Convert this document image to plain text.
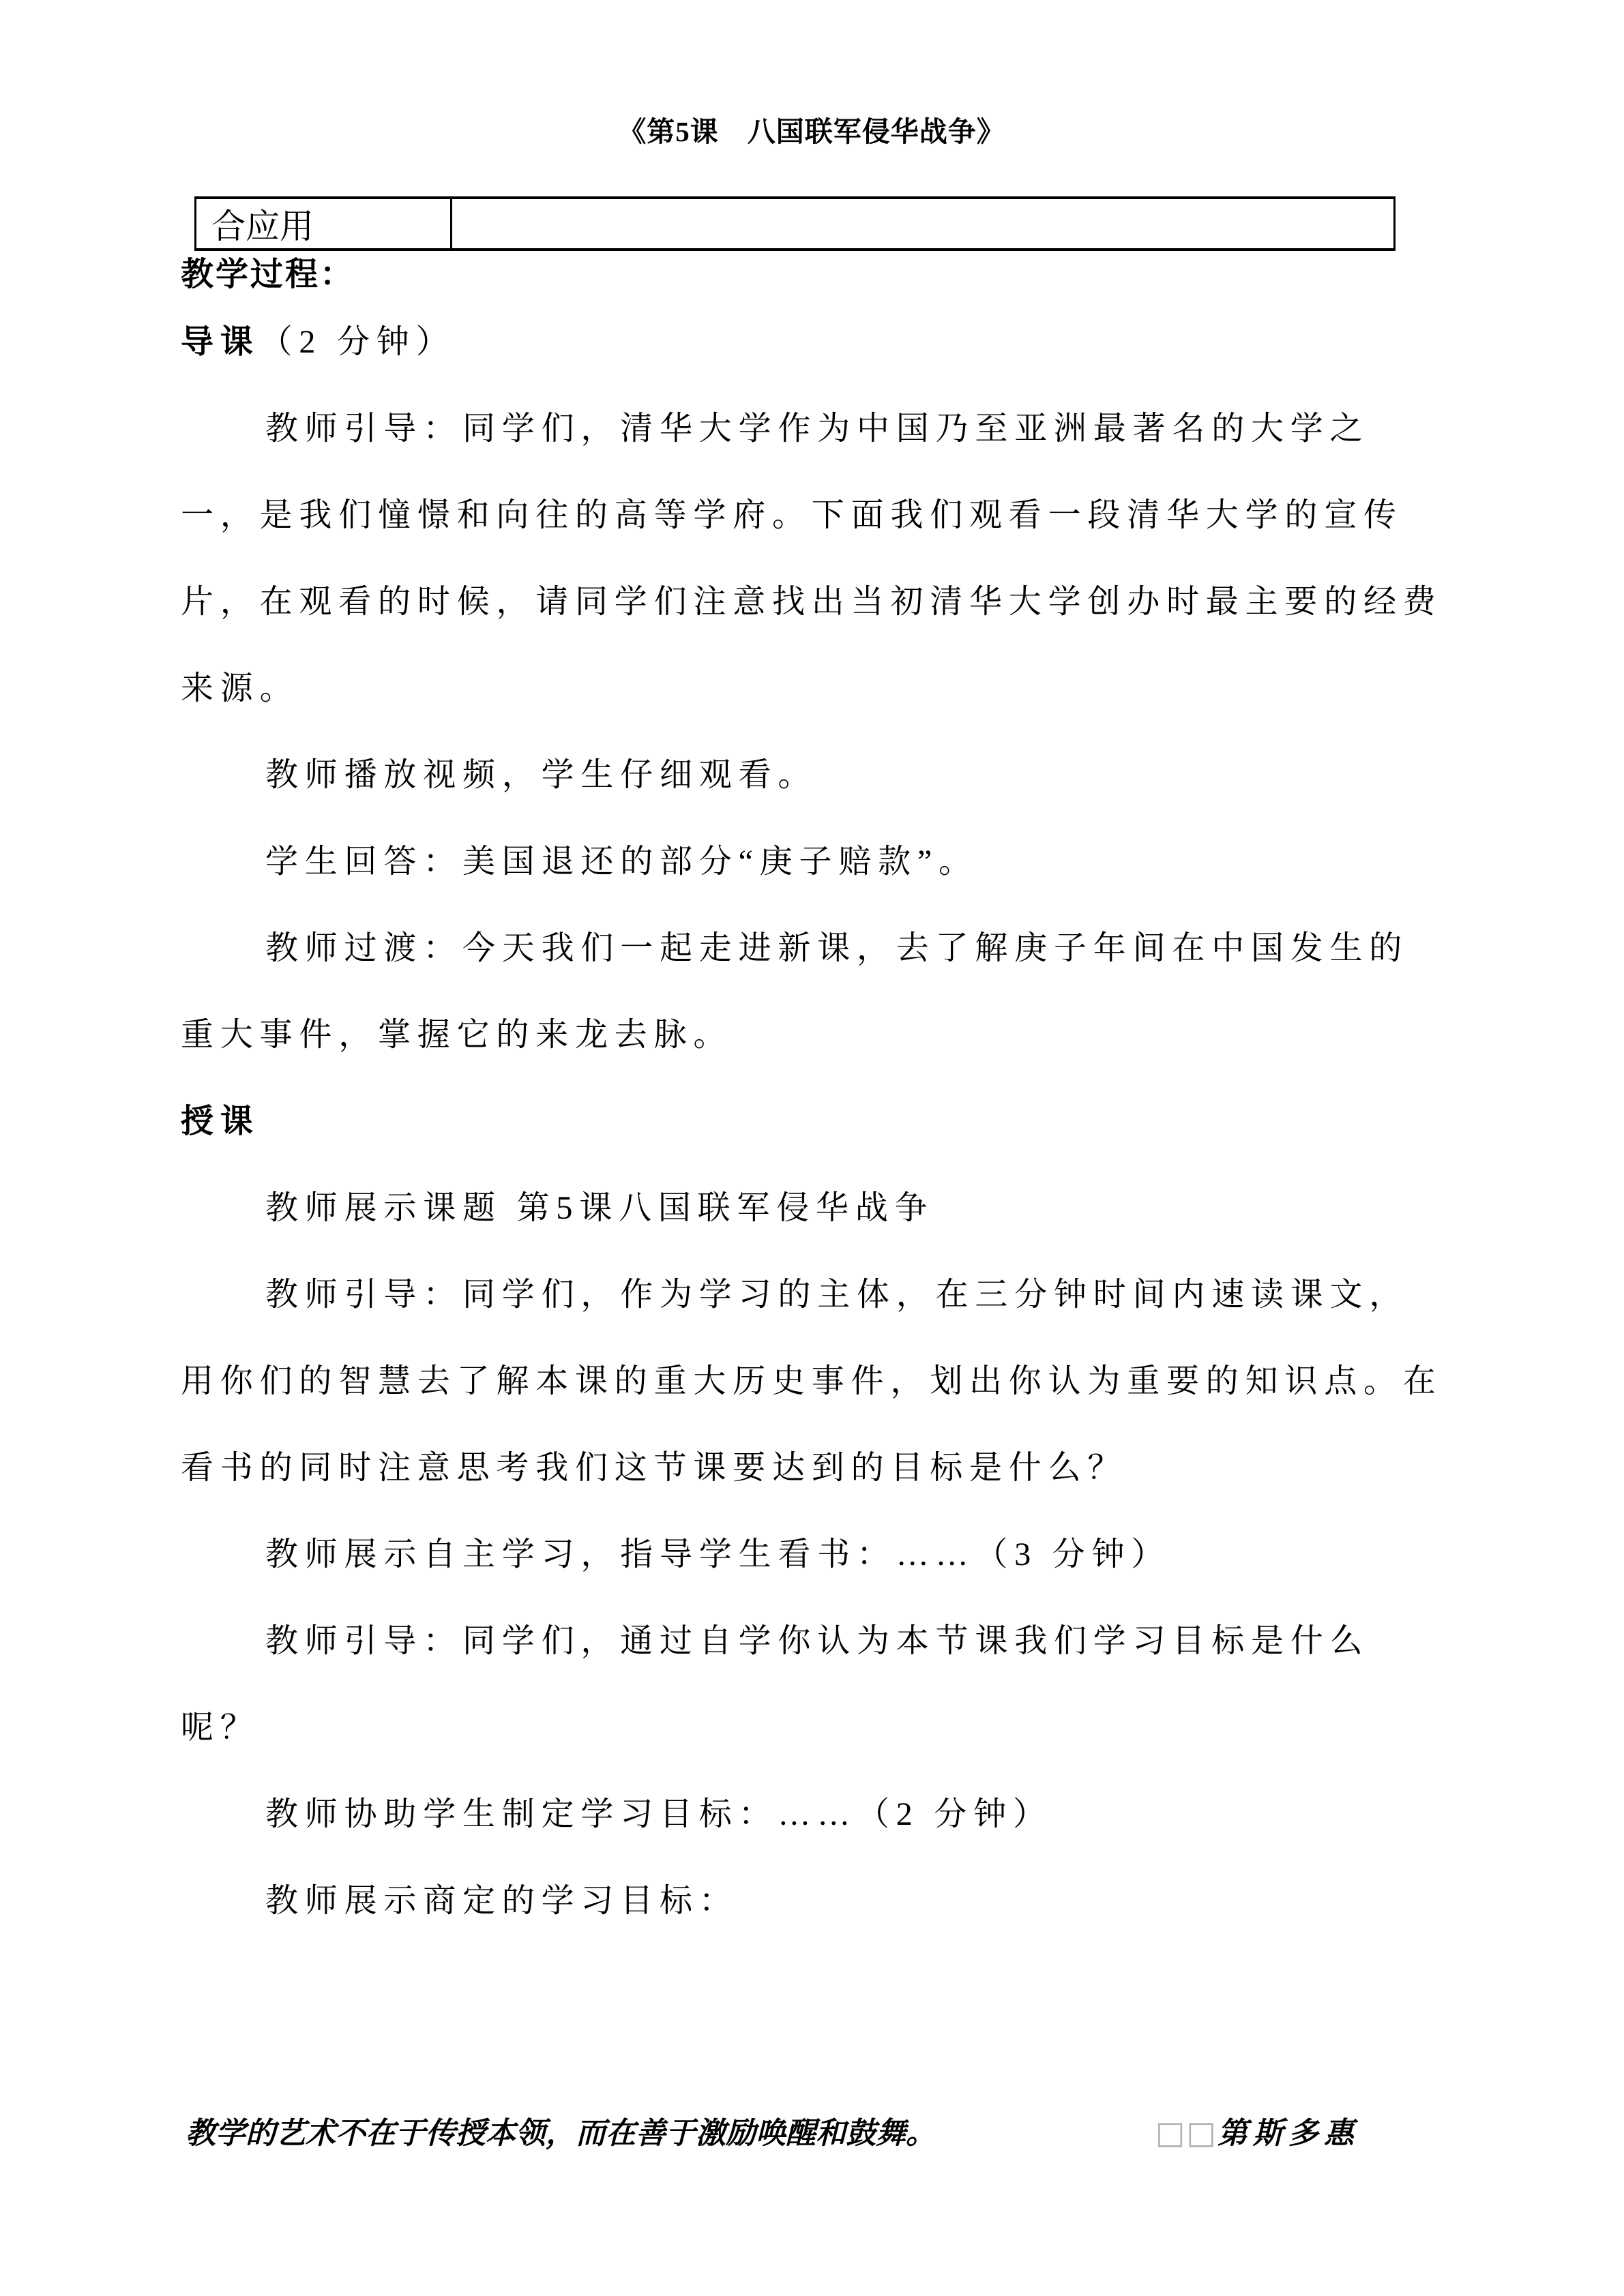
《第5课　八国联军侵华战争》
合应用	
教学过程：
导课（2 分钟）
教师引导：同学们，清华大学作为中国乃至亚洲最著名的大学之
一，是我们憧憬和向往的高等学府。下面我们观看一段清华大学的宣传
片，在观看的时候，请同学们注意找出当初清华大学创办时最主要的经费
来源。
教师播放视频，学生仔细观看。
学生回答：美国退还的部分“庚子赔款”。
教师过渡：今天我们一起走进新课，去了解庚子年间在中国发生的
重大事件，掌握它的来龙去脉。
授课
教师展示课题 第5课八国联军侵华战争
教师引导：同学们，作为学习的主体，在三分钟时间内速读课文，
用你们的智慧去了解本课的重大历史事件，划出你认为重要的知识点。在
看书的同时注意思考我们这节课要达到的目标是什么？
教师展示自主学习，指导学生看书：……（3 分钟）
教师引导：同学们，通过自学你认为本节课我们学习目标是什么
呢？
教师协助学生制定学习目标：……（2 分钟）
教师展示商定的学习目标：
教学的艺术不在于传授本领，而在善于激励唤醒和鼓舞。	□□第斯多惠
